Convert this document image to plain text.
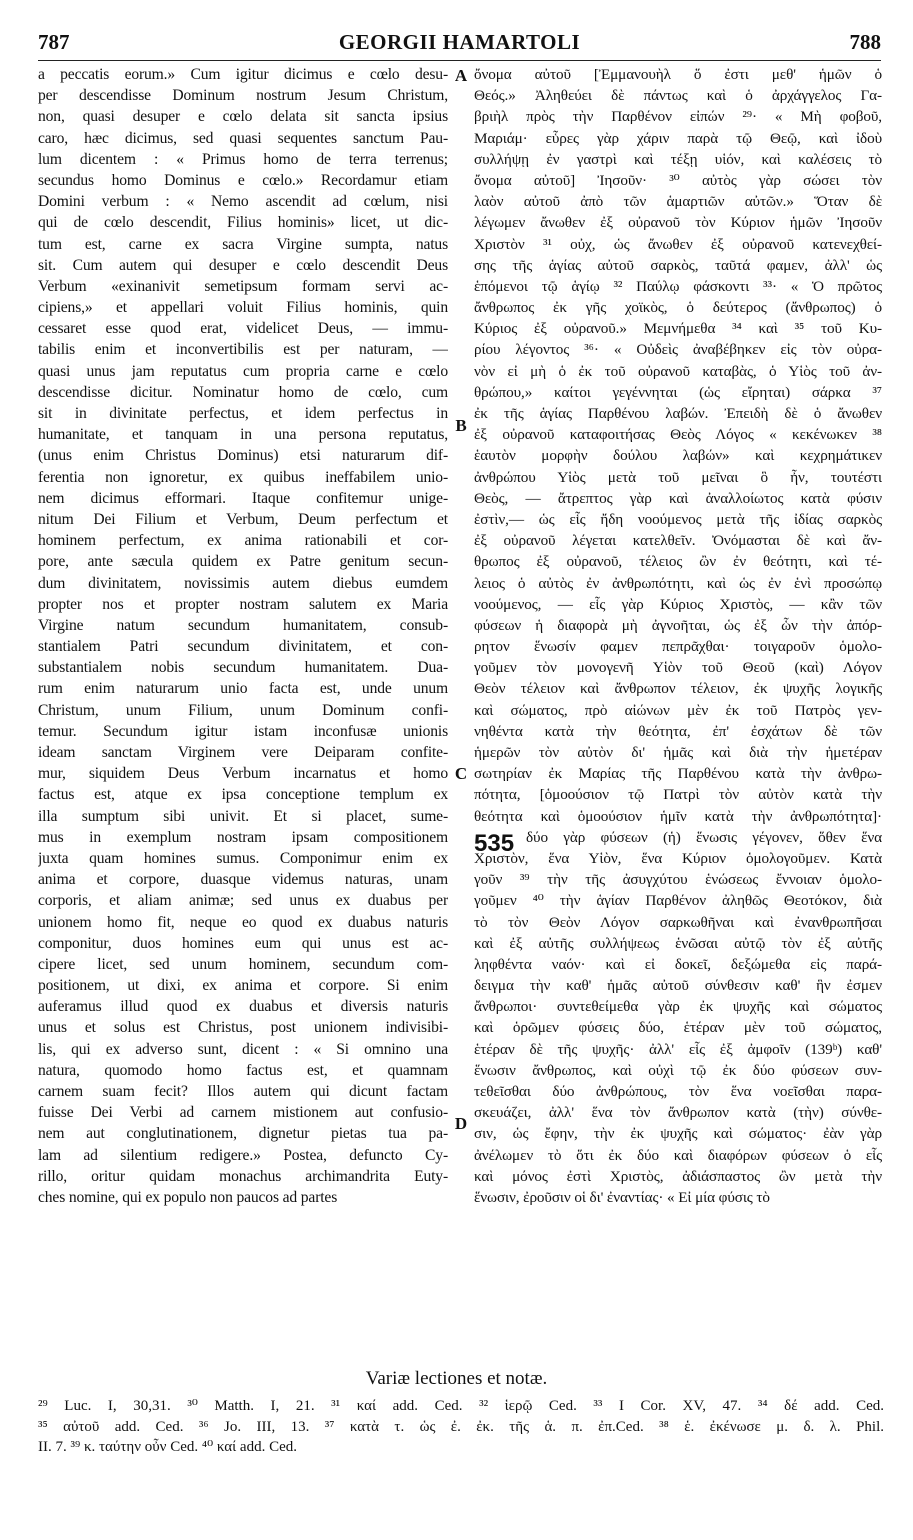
787	GEORGII HAMARTOLI	788
a peccatis eorum.» Cum igitur dicimus e cœlo desu-
per descendisse Dominum nostrum Jesum Christum,
non, quasi desuper e cœlo delata sit sancta ipsius
caro, hæc dicimus, sed quasi sequentes sanctum Pau-
lum dicentem : « Primus homo de terra terrenus;
secundus homo Dominus e cœlo.» Recordamur etiam
Domini verbum : « Nemo ascendit ad cœlum, nisi
qui de cœlo descendit, Filius hominis» licet, ut dic-
tum est, carne ex sacra Virgine sumpta, natus
sit. Cum autem qui desuper e cœlo descendit Deus
Verbum «exinanivit semetipsum formam servi ac-
cipiens,» et appellari voluit Filius hominis, quin
cessaret esse quod erat, videlicet Deus, — immu-
tabilis enim et inconvertibilis est per naturam, —
quasi unus jam reputatus cum propria carne e cœlo
descendisse dicitur. Nominatur homo de cœlo, cum
sit in divinitate perfectus, et idem perfectus in
humanitate, et tanquam in una persona reputatus,
(unus enim Christus Dominus) etsi naturarum dif-
ferentia non ignoretur, ex quibus ineffabilem unio-
nem dicimus efformari. Itaque confitemur unige-
nitum Dei Filium et Verbum, Deum perfectum et
hominem perfectum, ex anima rationabili et cor-
pore, ante sæcula quidem ex Patre genitum secun-
dum divinitatem, novissimis autem diebus eumdem
propter nos et propter nostram salutem ex Maria
Virgine natum secundum humanitatem, consub-
stantialem Patri secundum divinitatem, et con-
substantialem nobis secundum humanitatem. Dua-
rum enim naturarum unio facta est, unde unum
Christum, unum Filium, unum Dominum confi-
temur. Secundum igitur istam inconfusæ unionis
ideam sanctam Virginem vere Deiparam confite-
mur, siquidem Deus Verbum incarnatus et homo
factus est, atque ex ipsa conceptione templum ex
illa sumptum sibi univit. Et si placet, sume-
mus in exemplum nostram ipsam compositionem
juxta quam homines sumus. Componimur enim ex
anima et corpore, duasque videmus naturas, unam
corporis, et aliam animæ; sed unus ex duabus per
unionem homo fit, neque eo quod ex duabus naturis
componitur, duos homines eum qui unus est ac-
cipere licet, sed unum hominem, secundum com-
positionem, ut dixi, ex anima et corpore. Si enim
auferamus illud quod ex duabus et diversis naturis
unus et solus est Christus, post unionem indivisibi-
lis, qui ex adverso sunt, dicent : « Si omnino una
natura, quomodo homo factus est, et quamnam
carnem suam fecit? Illos autem qui dicunt factam
fuisse Dei Verbi ad carnem mistionem aut confusio-
nem aut conglutinationem, dignetur pietas tua pa-
lam ad silentium redigere.» Postea, defuncto Cy-
rillo, oritur quidam monachus archimandrita Euty-
ches nomine, qui ex populo non paucos ad partes
A
B
C
D
ὄνομα αὐτοῦ [Ἐμμανουὴλ ὅ ἐστι μεθ' ἡμῶν ὁ
Θεός.» Ἀληθεύει δὲ πάντως καὶ ὁ ἀρχάγγελος Γα-
βριὴλ πρὸς τὴν Παρθένον εἰπών ²⁹· « Μὴ φοβοῦ,
Μαριάμ· εὗρες γὰρ χάριν παρὰ τῷ Θεῷ, καὶ ἰδοὺ
συλλήψῃ ἐν γαστρὶ καὶ τέξῃ υἱόν, καὶ καλέσεις τὸ
ὄνομα αὐτοῦ] Ἰησοῦν· ³⁰ αὐτὸς γὰρ σώσει τὸν
λαὸν αὐτοῦ ἀπὸ τῶν ἁμαρτιῶν αὐτῶν.» Ὅταν δὲ
λέγωμεν ἄνωθεν ἐξ οὐρανοῦ τὸν Κύριον ἡμῶν Ἰησοῦν
Χριστὸν ³¹ οὐχ, ὡς ἄνωθεν ἐξ οὐρανοῦ κατενεχθεί-
σης τῆς ἁγίας αὐτοῦ σαρκὸς, ταῦτά φαμεν, ἀλλ' ὡς
ἑπόμενοι τῷ ἁγίῳ ³² Παύλῳ φάσκοντι ³³· « Ὁ πρῶτος
ἄνθρωπος ἐκ γῆς χοϊκὸς, ὁ δεύτερος (ἄνθρωπος) ὁ
Κύριος ἐξ οὐρανοῦ.» Μεμνήμεθα ³⁴ καὶ ³⁵ τοῦ Κυ-
ρίου λέγοντος ³⁶· « Οὐδεὶς ἀναβέβηκεν εἰς τὸν οὐρα-
νὸν εἰ μὴ ὁ ἐκ τοῦ οὐρανοῦ καταβὰς, ὁ Υἱὸς τοῦ ἀν-
θρώπου,» καίτοι γεγέννηται (ὡς εἴρηται) σάρκα ³⁷
ἐκ τῆς ἁγίας Παρθένου λαβών. Ἐπειδὴ δὲ ὁ ἄνωθεν
ἐξ οὐρανοῦ καταφοιτήσας Θεὸς Λόγος « κεκένωκεν ³⁸
ἑαυτὸν μορφὴν δούλου λαβών» καὶ κεχρημάτικεν
ἀνθρώπου Υἱὸς μετὰ τοῦ μεῖναι ὃ ἦν, τουτέστι
Θεὸς, — ἄτρεπτος γὰρ καὶ ἀναλλοίωτος κατὰ φύσιν
ἐστὶν,— ὡς εἷς ἤδη νοούμενος μετὰ τῆς ἰδίας σαρκὸς
ἐξ οὐρανοῦ λέγεται κατελθεῖν. Ὀνόμασται δὲ καὶ ἄν-
θρωπος ἐξ οὐρανοῦ, τέλειος ὢν ἐν θεότητι, καὶ τέ-
λειος ὁ αὐτὸς ἐν ἀνθρωπότητι, καὶ ὡς ἐν ἑνὶ προσώπῳ
νοούμενος, — εἷς γὰρ Κύριος Χριστὸς, — κἂν τῶν
φύσεων ἡ διαφορὰ μὴ ἀγνοῆται, ὡς ἐξ ὧν τὴν ἀπόρ-
ρητον ἕνωσίν φαμεν πεπρᾶχθαι· τοιγαροῦν ὁμολο-
γοῦμεν τὸν μονογενῆ Υἱὸν τοῦ Θεοῦ (καὶ) Λόγον
Θεὸν τέλειον καὶ ἄνθρωπον τέλειον, ἐκ ψυχῆς λογικῆς
καὶ σώματος, πρὸ αἰώνων μὲν ἐκ τοῦ Πατρὸς γεν-
νηθέντα κατὰ τὴν θεότητα, ἐπ' ἐσχάτων δὲ τῶν
ἡμερῶν τὸν αὐτὸν δι' ἡμᾶς καὶ διὰ τὴν ἡμετέραν
σωτηρίαν ἐκ Μαρίας τῆς Παρθένου κατὰ τὴν ἀνθρω-
πότητα, [ὁμοούσιον τῷ Πατρὶ τὸν αὐτὸν κατὰ τὴν
θεότητα καὶ ὁμοούσιον ἡμῖν κατὰ τὴν ἀνθρωπότητα]·
δύο γὰρ φύσεων (ἡ) ἕνωσις γέγονεν, ὅθεν ἕνα
Χριστὸν, ἕνα Υἱὸν, ἕνα Κύριον ὁμολογοῦμεν. Κατὰ
γοῦν ³⁹ τὴν τῆς ἀσυγχύτου ἑνώσεως ἔννοιαν ὁμολο-
γοῦμεν ⁴⁰ τὴν ἁγίαν Παρθένον ἀληθῶς Θεοτόκον, διὰ
τὸ τὸν Θεὸν Λόγον σαρκωθῆναι καὶ ἐνανθρωπῆσαι
καὶ ἐξ αὐτῆς συλλήψεως ἑνῶσαι αὐτῷ τὸν ἐξ αὐτῆς
ληφθέντα ναόν· καὶ εἰ δοκεῖ, δεξώμεθα εἰς παρά-
δειγμα τὴν καθ' ἡμᾶς αὐτοῦ σύνθεσιν καθ' ἣν ἐσμεν
ἄνθρωποι· συντεθείμεθα γὰρ ἐκ ψυχῆς καὶ σώματος
καὶ ὁρῶμεν φύσεις δύο, ἑτέραν μὲν τοῦ σώματος,
ἑτέραν δὲ τῆς ψυχῆς· ἀλλ' εἷς ἐξ ἀμφοῖν (139ᵇ) καθ'
ἕνωσιν ἄνθρωπος, καὶ οὐχὶ τῷ ἐκ δύο φύσεων συν-
τεθεῖσθαι δύο ἀνθρώπους, τὸν ἕνα νοεῖσθαι παρα-
σκευάζει, ἀλλ' ἕνα τὸν ἄνθρωπον κατὰ (τὴν) σύνθε-
σιν, ὡς ἔφην, τὴν ἐκ ψυχῆς καὶ σώματος· ἐὰν γὰρ
ἀνέλωμεν τὸ ὅτι ἐκ δύο καὶ διαφόρων φύσεων ὁ εἷς
καὶ μόνος ἐστὶ Χριστὸς, ἀδιάσπαστος ὢν μετὰ τὴν
ἕνωσιν, ἐροῦσιν οἱ δι' ἐναντίας· « Εἰ μία φύσις τὸ
535
Variæ lectiones et notæ.
²⁹ Luc. I, 30,31. ³⁰ Matth. I, 21. ³¹ καί add. Ced. ³² ἱερῷ Ced. ³³ I Cor. XV, 47. ³⁴ δέ add. Ced.
³⁵ αὐτοῦ add. Ced. ³⁶ Jo. III, 13. ³⁷ κατὰ τ. ὡς ἐ. ἐκ. τῆς ἁ. π. ἐπ.Ced. ³⁸ ἑ. ἐκένωσε μ. δ. λ. Phil.
II. 7. ³⁹ κ. ταύτην οὖν Ced. ⁴⁰ καί add. Ced.
